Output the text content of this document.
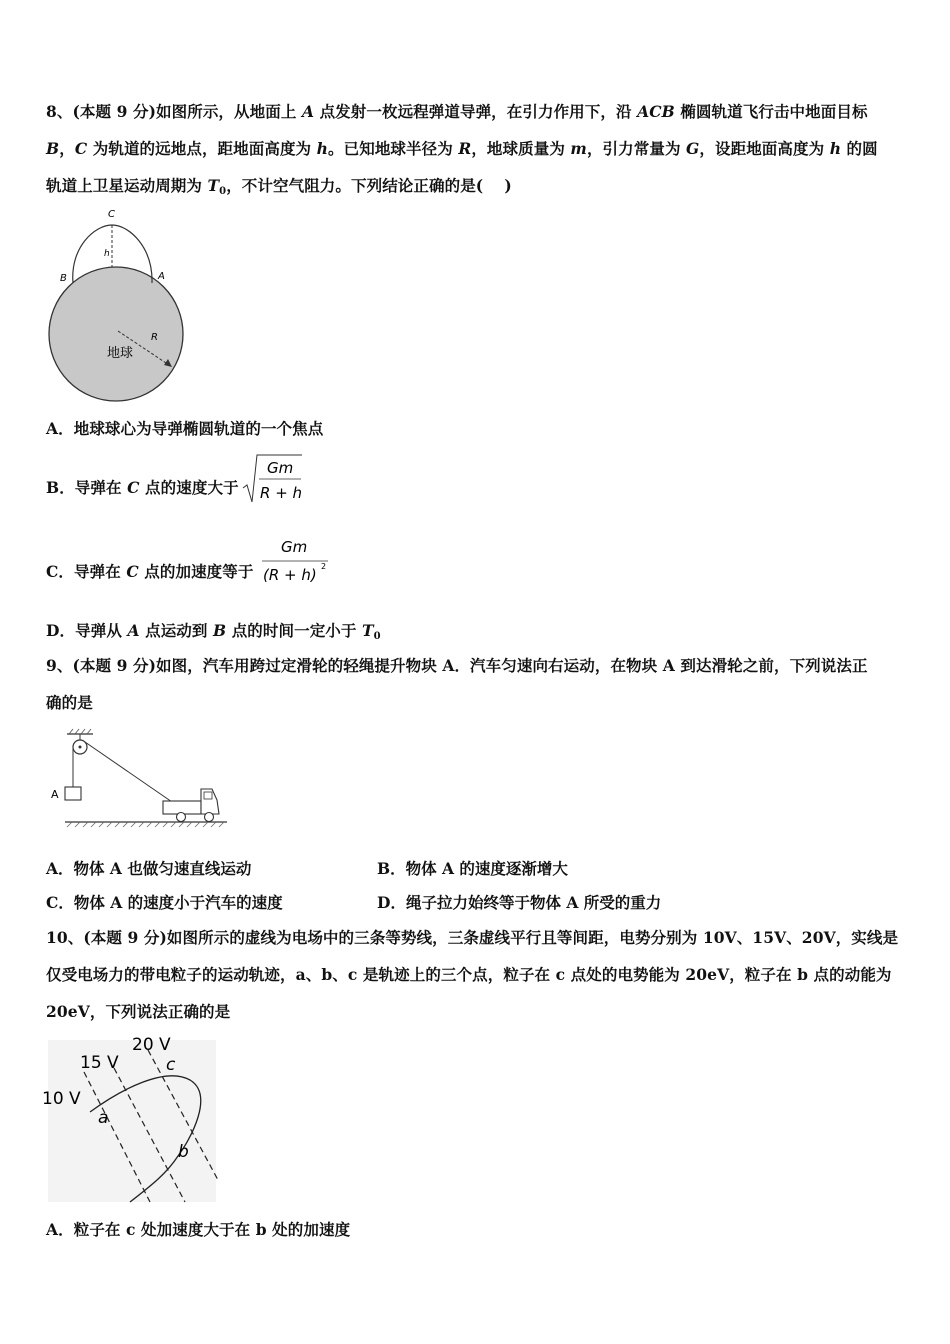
8、(本题 9 分)如图所示，从地面上 A 点发射一枚远程弹道导弹，在引力作用下，沿 ACB 椭圆轨道飞行击中地面目标
B，C 为轨道的远地点，距地面高度为 h。已知地球半径为 R，地球质量为 m，引力常量为 G，设距地面高度为 h 的圆
轨道上卫星运动周期为 $T_0$，不计空气阻力。下列结论正确的是(　 )
C
h
B	A
R
地球
A．地球球心为导弹椭圆轨道的一个焦点
B．导弹在 C 点的速度大于
Gm
R + h
C．导弹在 C 点的加速度等于
Gm
(R + h) 2
D．导弹从 A 点运动到 B 点的时间一定小于 $T_0$
9、(本题 9 分)如图，汽车用跨过定滑轮的轻绳提升物块 A．汽车匀速向右运动，在物块 A 到达滑轮之前，下列说法正
确的是
A
A．物体 A 也做匀速直线运动	B．物体 A 的速度逐渐增大
C．物体 A 的速度小于汽车的速度	D．绳子拉力始终等于物体 A 所受的重力
10、(本题 9 分)如图所示的虚线为电场中的三条等势线，三条虚线平行且等间距，电势分别为 10V、15V、20V，实线是
仅受电场力的带电粒子的运动轨迹，a、b、c 是轨迹上的三个点，粒子在 c 点处的电势能为 20eV，粒子在 b 点的动能为
20eV，下列说法正确的是
20 V
15 V
10 V
a
b
c
A．粒子在 c 处加速度大于在 b 处的加速度
